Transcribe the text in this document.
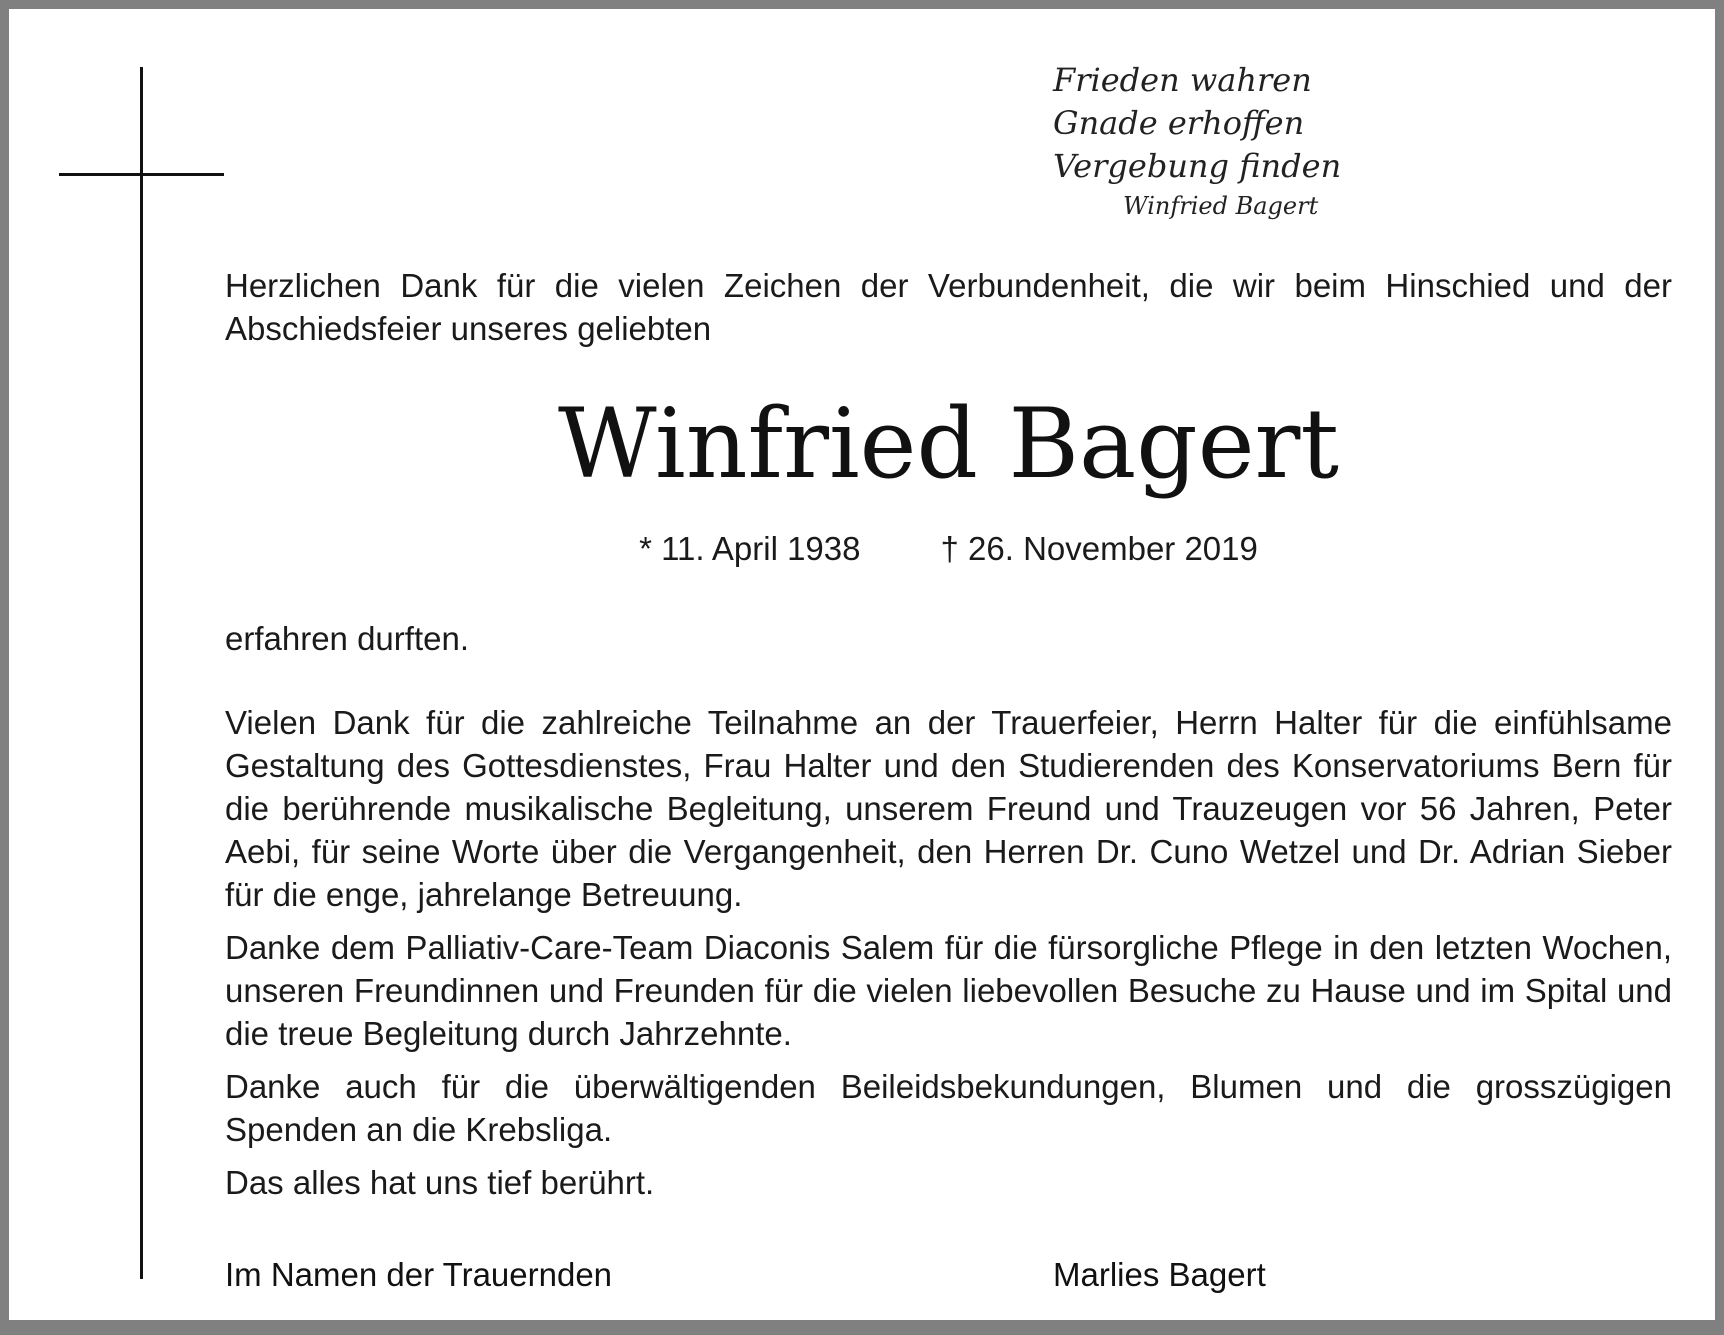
Frieden wahren
Gnade erhoffen
Vergebung finden
Winfried Bagert

Herzlichen Dank für die vielen Zeichen der Verbundenheit, die wir beim Hinschied und der Abschiedsfeier unseres geliebten

Winfried Bagert
* 11. April 1938 † 26. November 2019

erfahren durften.

Vielen Dank für die zahlreiche Teilnahme an der Trauerfeier, Herrn Halter für die einfühlsame Gestaltung des Gottesdienstes, Frau Halter und den Studierenden des Konservatoriums Bern für die berührende musikalische Begleitung, unserem Freund und Trauzeugen vor 56 Jahren, Peter Aebi, für seine Worte über die Vergangenheit, den Herren Dr. Cuno Wetzel und Dr. Adrian Sieber für die enge, jahrelange Betreuung.

Danke dem Palliativ-Care-Team Diaconis Salem für die fürsorgliche Pflege in den letzten Wochen, unseren Freundinnen und Freunden für die vielen liebevollen Besuche zu Hause und im Spital und die treue Begleitung durch Jahrzehnte.

Danke auch für die überwältigenden Beileidsbekundungen, Blumen und die grosszügigen Spenden an die Krebsliga.

Das alles hat uns tief berührt.

Im Namen der Trauernden	Marlies Bagert
